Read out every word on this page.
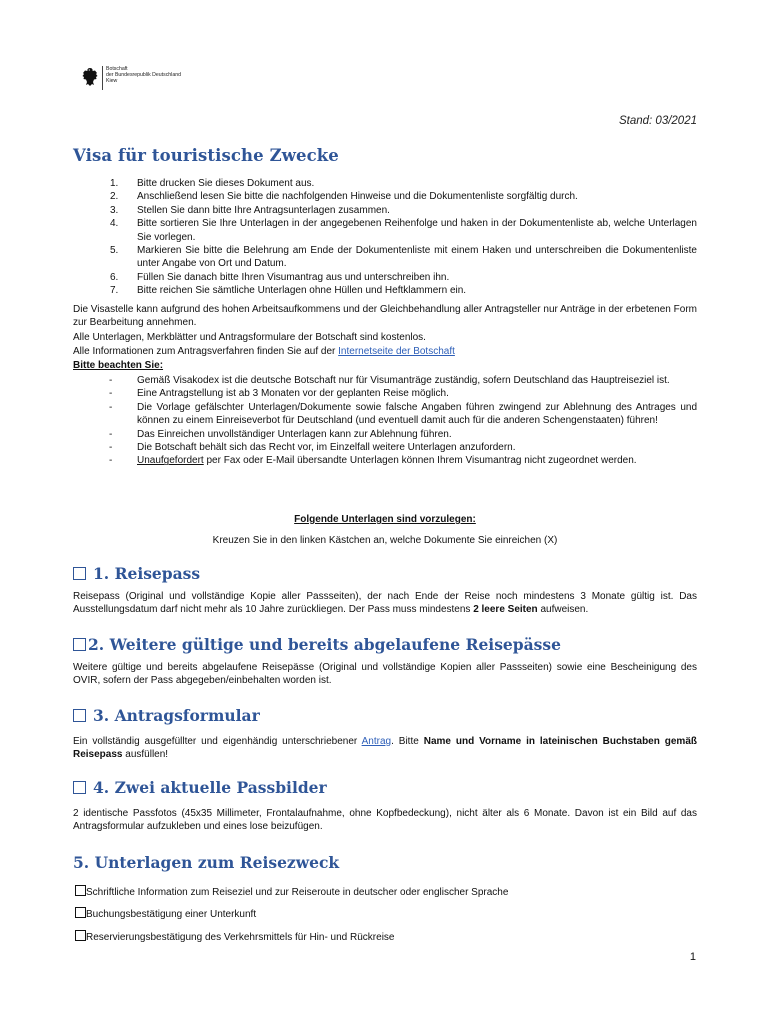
Botschaft
der Bundesrepublik Deutschland
Kiew
Stand: 03/2021
Visa für touristische Zwecke
1. Bitte drucken Sie dieses Dokument aus.
2. Anschließend lesen Sie bitte die nachfolgenden Hinweise und die Dokumentenliste sorgfältig durch.
3. Stellen Sie dann bitte Ihre Antragsunterlagen zusammen.
4. Bitte sortieren Sie Ihre Unterlagen in der angegebenen Reihenfolge und haken in der Dokumentenliste ab, welche Unterlagen Sie vorlegen.
5. Markieren Sie bitte die Belehrung am Ende der Dokumentenliste mit einem Haken und unterschreiben die Dokumentenliste unter Angabe von Ort und Datum.
6. Füllen Sie danach bitte Ihren Visumantrag aus und unterschreiben ihn.
7. Bitte reichen Sie sämtliche Unterlagen ohne Hüllen und Heftklammern ein.
Die Visastelle kann aufgrund des hohen Arbeitsaufkommens und der Gleichbehandlung aller Antragsteller nur Anträge in der erbetenen Form zur Bearbeitung annehmen.
Alle Unterlagen, Merkblätter und Antragsformulare der Botschaft sind kostenlos.
Alle Informationen zum Antragsverfahren finden Sie auf der Internetseite der Botschaft
Bitte beachten Sie:
- Gemäß Visakodex ist die deutsche Botschaft nur für Visumanträge zuständig, sofern Deutschland das Hauptreiseziel ist.
- Eine Antragstellung ist ab 3 Monaten vor der geplanten Reise möglich.
- Die Vorlage gefälschter Unterlagen/Dokumente sowie falsche Angaben führen zwingend zur Ablehnung des Antrages und können zu einem Einreiseverbot für Deutschland (und eventuell damit auch für die anderen Schengenstaaten) führen!
- Das Einreichen unvollständiger Unterlagen kann zur Ablehnung führen.
- Die Botschaft behält sich das Recht vor, im Einzelfall weitere Unterlagen anzufordern.
- Unaufgefordert per Fax oder E-Mail übersandte Unterlagen können Ihrem Visumantrag nicht zugeordnet werden.
Folgende Unterlagen sind vorzulegen:
Kreuzen Sie in den linken Kästchen an, welche Dokumente Sie einreichen (X)
1. Reisepass
Reisepass (Original und vollständige Kopie aller Passseiten), der nach Ende der Reise noch mindestens 3 Monate gültig ist. Das Ausstellungsdatum darf nicht mehr als 10 Jahre zurückliegen. Der Pass muss mindestens 2 leere Seiten aufweisen.
2. Weitere gültige und bereits abgelaufene Reisepässe
Weitere gültige und bereits abgelaufene Reisepässe (Original und vollständige Kopien aller Passseiten) sowie eine Bescheinigung des OVIR, sofern der Pass abgegeben/einbehalten worden ist.
3. Antragsformular
Ein vollständig ausgefüllter und eigenhändig unterschriebener Antrag. Bitte Name und Vorname in lateinischen Buchstaben gemäß Reisepass ausfüllen!
4. Zwei aktuelle Passbilder
2 identische Passfotos (45x35 Millimeter, Frontalaufnahme, ohne Kopfbedeckung), nicht älter als 6 Monate. Davon ist ein Bild auf das Antragsformular aufzukleben und eines lose beizufügen.
5. Unterlagen zum Reisezweck
Schriftliche Information zum Reiseziel und zur Reiseroute in deutscher oder englischer Sprache
Buchungsbestätigung einer Unterkunft
Reservierungsbestätigung des Verkehrsmittels für Hin- und Rückreise
1
